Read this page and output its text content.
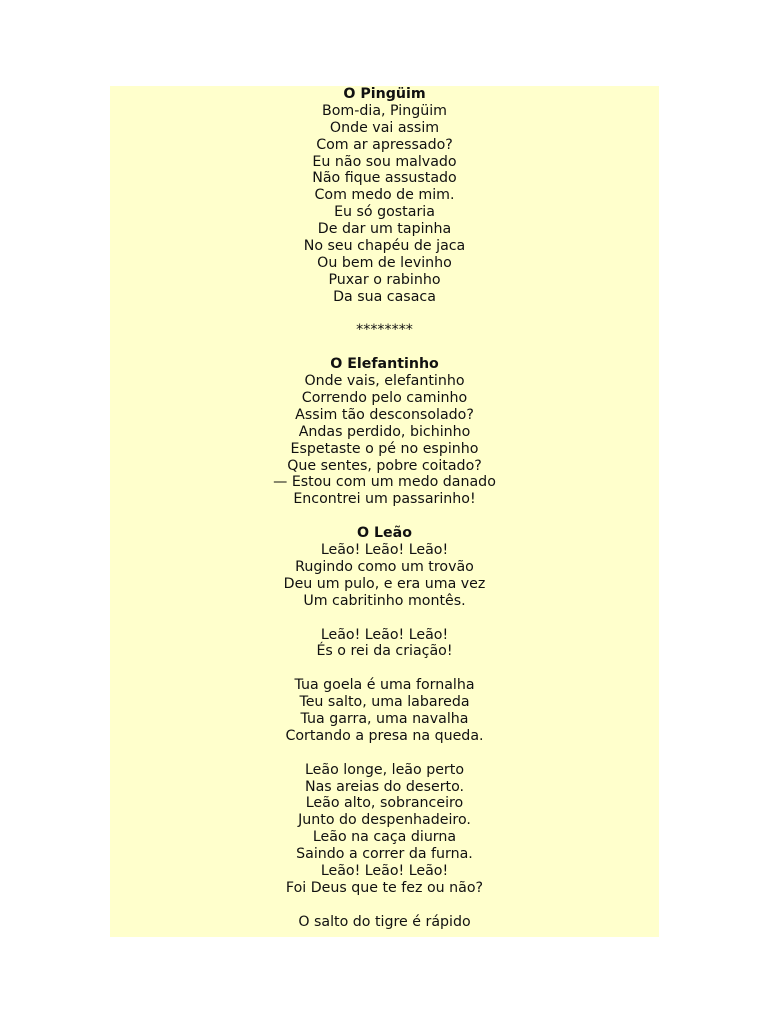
O Pingüim
Bom-dia, Pingüim
Onde vai assim
Com ar apressado?
Eu não sou malvado
Não fique assustado
Com medo de mim.
Eu só gostaria
De dar um tapinha
No seu chapéu de jaca
Ou bem de levinho
Puxar o rabinho
Da sua casaca
********
O Elefantinho
Onde vais, elefantinho
Correndo pelo caminho
Assim tão desconsolado?
Andas perdido, bichinho
Espetaste o pé no espinho
Que sentes, pobre coitado?
— Estou com um medo danado
Encontrei um passarinho!
O Leão
Leão! Leão! Leão!
Rugindo como um trovão
Deu um pulo, e era uma vez
Um cabritinho montês.
Leão! Leão! Leão!
És o rei da criação!
Tua goela é uma fornalha
Teu salto, uma labareda
Tua garra, uma navalha
Cortando a presa na queda.
Leão longe, leão perto
Nas areias do deserto.
Leão alto, sobranceiro
Junto do despenhadeiro.
Leão na caça diurna
Saindo a correr da furna.
Leão! Leão! Leão!
Foi Deus que te fez ou não?
O salto do tigre é rápido
